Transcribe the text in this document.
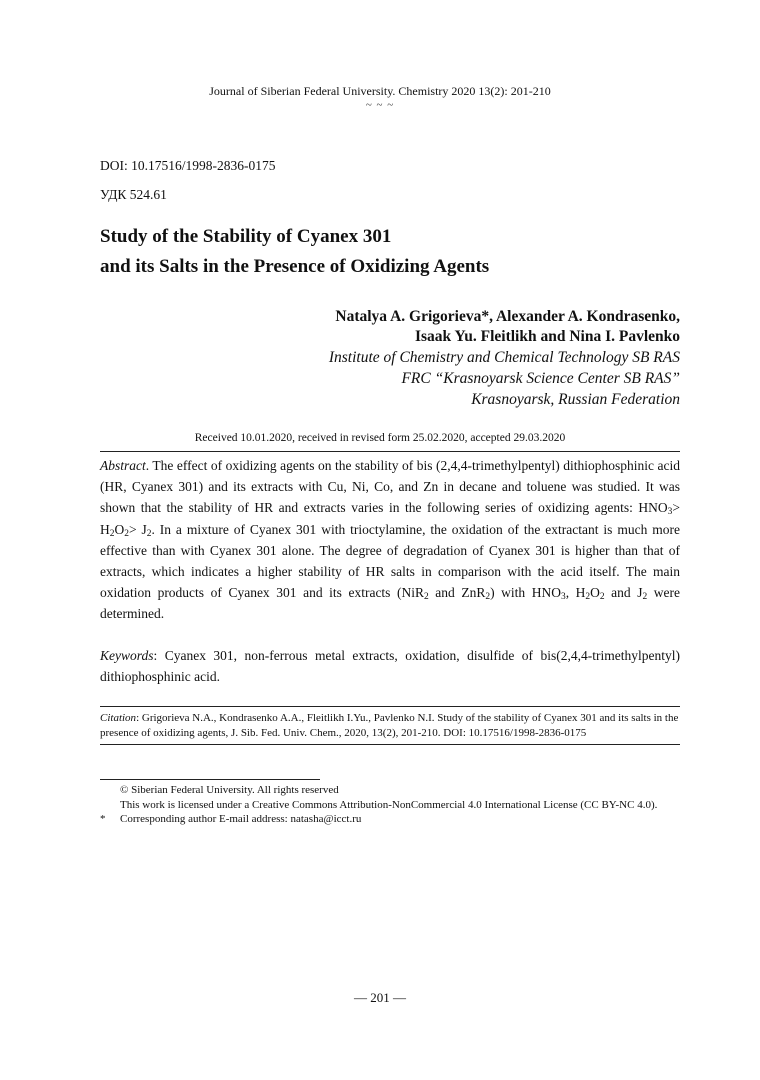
Journal of Siberian Federal University. Chemistry 2020 13(2): 201-210
~ ~ ~
DOI: 10.17516/1998-2836-0175
УДК 524.61
Study of the Stability of Cyanex 301
and its Salts in the Presence of Oxidizing Agents
Natalya A. Grigorieva*, Alexander A. Kondrasenko,
Isaak Yu. Fleitlikh and Nina I. Pavlenko
Institute of Chemistry and Chemical Technology SB RAS
FRC “Krasnoyarsk Science Center SB RAS”
Krasnoyarsk, Russian Federation
Received 10.01.2020, received in revised form 25.02.2020, accepted 29.03.2020
Abstract. The effect of oxidizing agents on the stability of bis (2,4,4-trimethylpentyl) dithiophosphinic acid (HR, Cyanex 301) and its extracts with Cu, Ni, Co, and Zn in decane and toluene was studied. It was shown that the stability of HR and extracts varies in the following series of oxidizing agents: $HNO_3> H_2O_2> J_2$. In a mixture of Cyanex 301 with trioctylamine, the oxidation of the extractant is much more effective than with Cyanex 301 alone. The degree of degradation of Cyanex 301 is higher than that of extracts, which indicates a higher stability of HR salts in comparison with the acid itself. The main oxidation products of Cyanex 301 and its extracts (NiR$_2$ and ZnR$_2$) with $HNO_3$, $H_2O_2$ and $J_2$ were determined.
Keywords: Cyanex 301, non-ferrous metal extracts, oxidation, disulfide of bis(2,4,4-trimethylpentyl) dithiophosphinic acid.
Citation: Grigorieva N.A., Kondrasenko A.A., Fleitlikh I.Yu., Pavlenko N.I. Study of the stability of Cyanex 301 and its salts in the presence of oxidizing agents, J. Sib. Fed. Univ. Chem., 2020, 13(2), 201-210. DOI: 10.17516/1998-2836-0175
© Siberian Federal University. All rights reserved
This work is licensed under a Creative Commons Attribution-NonCommercial 4.0 International License (CC BY-NC 4.0).
* Corresponding author E-mail address: natasha@icct.ru
— 201 —
